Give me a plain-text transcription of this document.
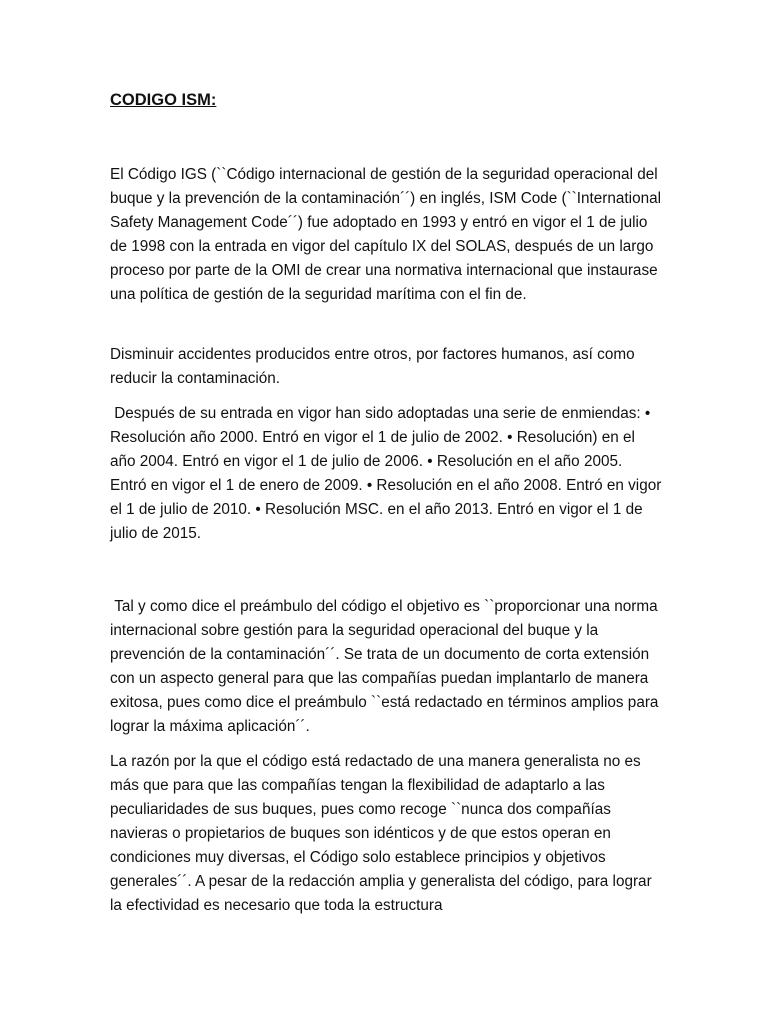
CODIGO ISM:

El Código IGS (``Código internacional de gestión de la seguridad operacional del buque y la prevención de la contaminación´´) en inglés, ISM Code (``International Safety Management Code´´) fue adoptado en 1993 y entró en vigor el 1 de julio de 1998 con la entrada en vigor del capítulo IX del SOLAS, después de un largo proceso por parte de la OMI de crear una normativa internacional que instaurase una política de gestión de la seguridad marítima con el fin de.

Disminuir accidentes producidos entre otros, por factores humanos, así como reducir la contaminación.

Después de su entrada en vigor han sido adoptadas una serie de enmiendas: • Resolución año 2000. Entró en vigor el 1 de julio de 2002. • Resolución) en el año 2004. Entró en vigor el 1 de julio de 2006. • Resolución en el año 2005. Entró en vigor el 1 de enero de 2009. • Resolución en el año 2008. Entró en vigor el 1 de julio de 2010. • Resolución MSC. en el año 2013. Entró en vigor el 1 de julio de 2015.

Tal y como dice el preámbulo del código el objetivo es ``proporcionar una norma internacional sobre gestión para la seguridad operacional del buque y la prevención de la contaminación´´. Se trata de un documento de corta extensión con un aspecto general para que las compañías puedan implantarlo de manera exitosa, pues como dice el preámbulo ``está redactado en términos amplios para lograr la máxima aplicación´´.

La razón por la que el código está redactado de una manera generalista no es más que para que las compañías tengan la flexibilidad de adaptarlo a las peculiaridades de sus buques, pues como recoge ``nunca dos compañías navieras o propietarios de buques son idénticos y de que estos operan en condiciones muy diversas, el Código solo establece principios y objetivos generales´´. A pesar de la redacción amplia y generalista del código, para lograr la efectividad es necesario que toda la estructura
